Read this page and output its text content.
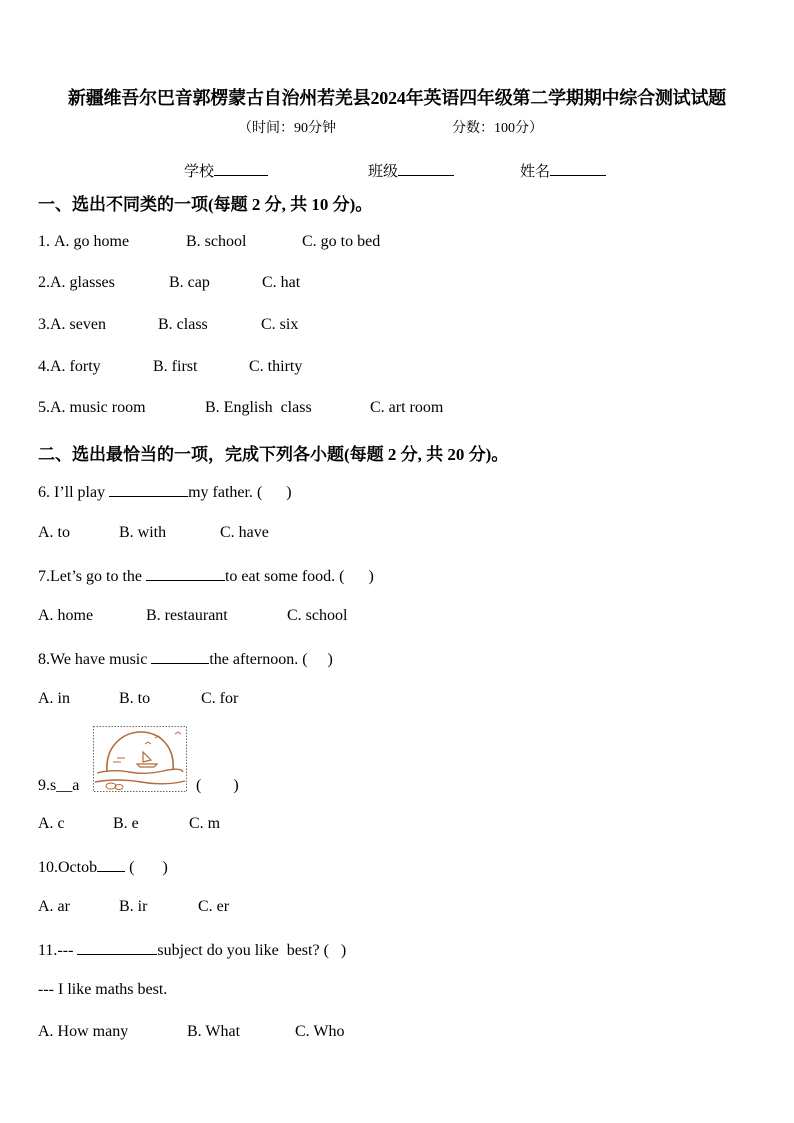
新疆维吾尔巴音郭楞蒙古自治州若羌县2024年英语四年级第二学期期中综合测试试题
（时间：90分钟	分数：100分）
学校	班级	姓名
一、选出不同类的一项(每题 2 分, 共 10 分)。
1. A. go home	B. school	C. go to bed
2.A. glasses	B. cap	C. hat
3.A. seven	B. class	C. six
4.A. forty	B. first	C. thirty
5.A. music room	B. English  class	C. art room
二、选出最恰当的一项，完成下列各小题(每题 2 分, 共 20 分)。
6. I’ll play	my father. (      )
A. to	B. with	C. have
7.Let’s go to the	to eat some food. (      )
A. home	B. restaurant	C. school
8.We have music	the afternoon. (     )
A. in	B. to	C. for
9.s__a	(        )
A. c	B. e	C. m
10.Octob (       )
A. ar	B. ir	C. er
11.---	subject do you like  best? (   )
--- I like maths best.
A. How many	B. What	C. Who
